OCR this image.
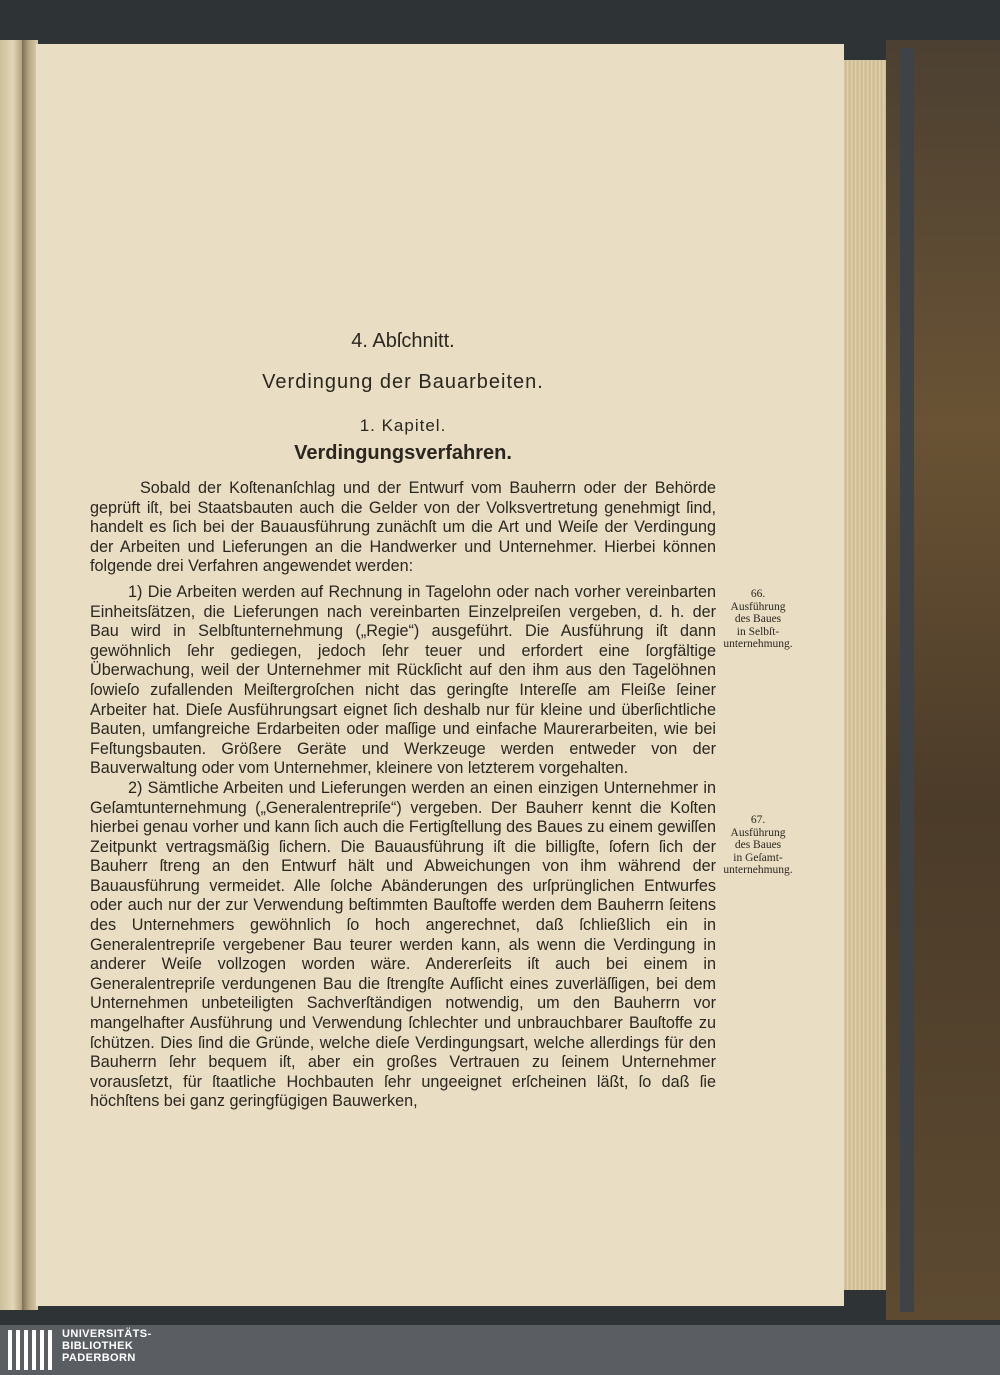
4. Abſchnitt.
Verdingung der Bauarbeiten.
1. Kapitel.
Verdingungsverfahren.

Sobald der Koſtenanſchlag und der Entwurf vom Bauherrn oder der Behörde geprüft iſt, bei Staatsbauten auch die Gelder von der Volksvertretung genehmigt ſind, handelt es ſich bei der Bauausführung zunächſt um die Art und Weiſe der Verdingung der Arbeiten und Lieferungen an die Handwerker und Unternehmer. Hierbei können folgende drei Verfahren angewendet werden:

1) Die Arbeiten werden auf Rechnung in Tagelohn oder nach vorher vereinbarten Einheitsſätzen, die Lieferungen nach vereinbarten Einzelpreiſen vergeben, d. h. der Bau wird in Selbſtunternehmung („Regie“) ausgeführt. Die Ausführung iſt dann gewöhnlich ſehr gediegen, jedoch ſehr teuer und erfordert eine ſorgfältige Überwachung, weil der Unternehmer mit Rückſicht auf den ihm aus den Tagelöhnen ſowieſo zufallenden Meiſtergroſchen nicht das geringſte Intereſſe am Fleiße ſeiner Arbeiter hat. Dieſe Ausführungsart eignet ſich deshalb nur für kleine und überſichtliche Bauten, umfangreiche Erdarbeiten oder maſſige und einfache Maurerarbeiten, wie bei Feſtungsbauten. Größere Geräte und Werkzeuge werden entweder von der Bauverwaltung oder vom Unternehmer, kleinere von letzterem vorgehalten.

2) Sämtliche Arbeiten und Lieferungen werden an einen einzigen Unternehmer in Geſamtunternehmung („Generalentrepriſe“) vergeben. Der Bauherr kennt die Koſten hierbei genau vorher und kann ſich auch die Fertigſtellung des Baues zu einem gewiſſen Zeitpunkt vertragsmäßig ſichern. Die Bauausführung iſt die billigſte, ſofern ſich der Bauherr ſtreng an den Entwurf hält und Abweichungen von ihm während der Bauausführung vermeidet. Alle ſolche Abänderungen des urſprünglichen Entwurfes oder auch nur der zur Verwendung beſtimmten Bauſtoffe werden dem Bauherrn ſeitens des Unternehmers gewöhnlich ſo hoch angerechnet, daß ſchließlich ein in Generalentrepriſe vergebener Bau teurer werden kann, als wenn die Verdingung in anderer Weiſe vollzogen worden wäre. Andererſeits iſt auch bei einem in Generalentrepriſe verdungenen Bau die ſtrengſte Aufſicht eines zuverläſſigen, bei dem Unternehmen unbeteiligten Sachverſtändigen notwendig, um den Bauherrn vor mangelhafter Ausführung und Verwendung ſchlechter und unbrauchbarer Bauſtoffe zu ſchützen. Dies ſind die Gründe, welche dieſe Verdingungsart, welche allerdings für den Bauherrn ſehr bequem iſt, aber ein großes Vertrauen zu ſeinem Unternehmer vorausſetzt, für ſtaatliche Hochbauten ſehr ungeeignet erſcheinen läßt, ſo daß ſie höchſtens bei ganz geringfügigen Bauwerken,

66.
Ausführung
des Baues
in Selbſt-
unternehmung.
67.
Ausführung
des Baues
in Geſamt-
unternehmung.
UNIVERSITÄTS-
BIBLIOTHEK
PADERBORN
